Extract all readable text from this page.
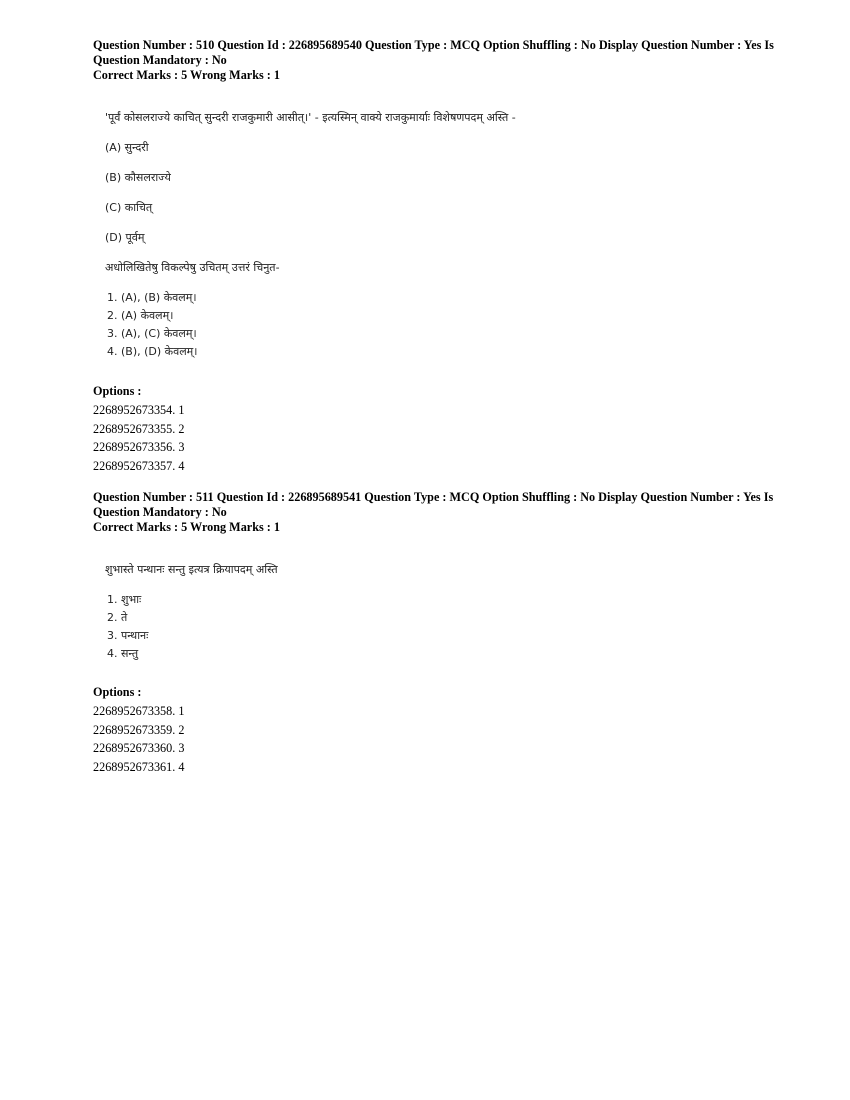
Question Number : 510 Question Id : 226895689540 Question Type : MCQ Option Shuffling : No Display Question Number : Yes Is
Question Mandatory : No
Correct Marks : 5 Wrong Marks : 1
'पूर्वं कोसलराज्ये काचित् सुन्दरी राजकुमारी आसीत्।' - इत्यस्मिन् वाक्ये राजकुमार्याः विशेषणपदम् अस्ति -
(A) सुन्दरी
(B) कौसलराज्ये
(C) काचित्
(D) पूर्वम्
अधोलिखितेषु विकल्पेषु उचितम् उत्तरं चिनुत-
1. (A), (B) केवलम्।
2. (A) केवलम्।
3. (A), (C) केवलम्।
4. (B), (D) केवलम्।
Options :
2268952673354. 1
2268952673355. 2
2268952673356. 3
2268952673357. 4
Question Number : 511 Question Id : 226895689541 Question Type : MCQ Option Shuffling : No Display Question Number : Yes Is
Question Mandatory : No
Correct Marks : 5 Wrong Marks : 1
शुभास्ते पन्थानः सन्तु इत्यत्र क्रियापदम् अस्ति
1. शुभाः
2. ते
3. पन्थानः
4. सन्तु
Options :
2268952673358. 1
2268952673359. 2
2268952673360. 3
2268952673361. 4
